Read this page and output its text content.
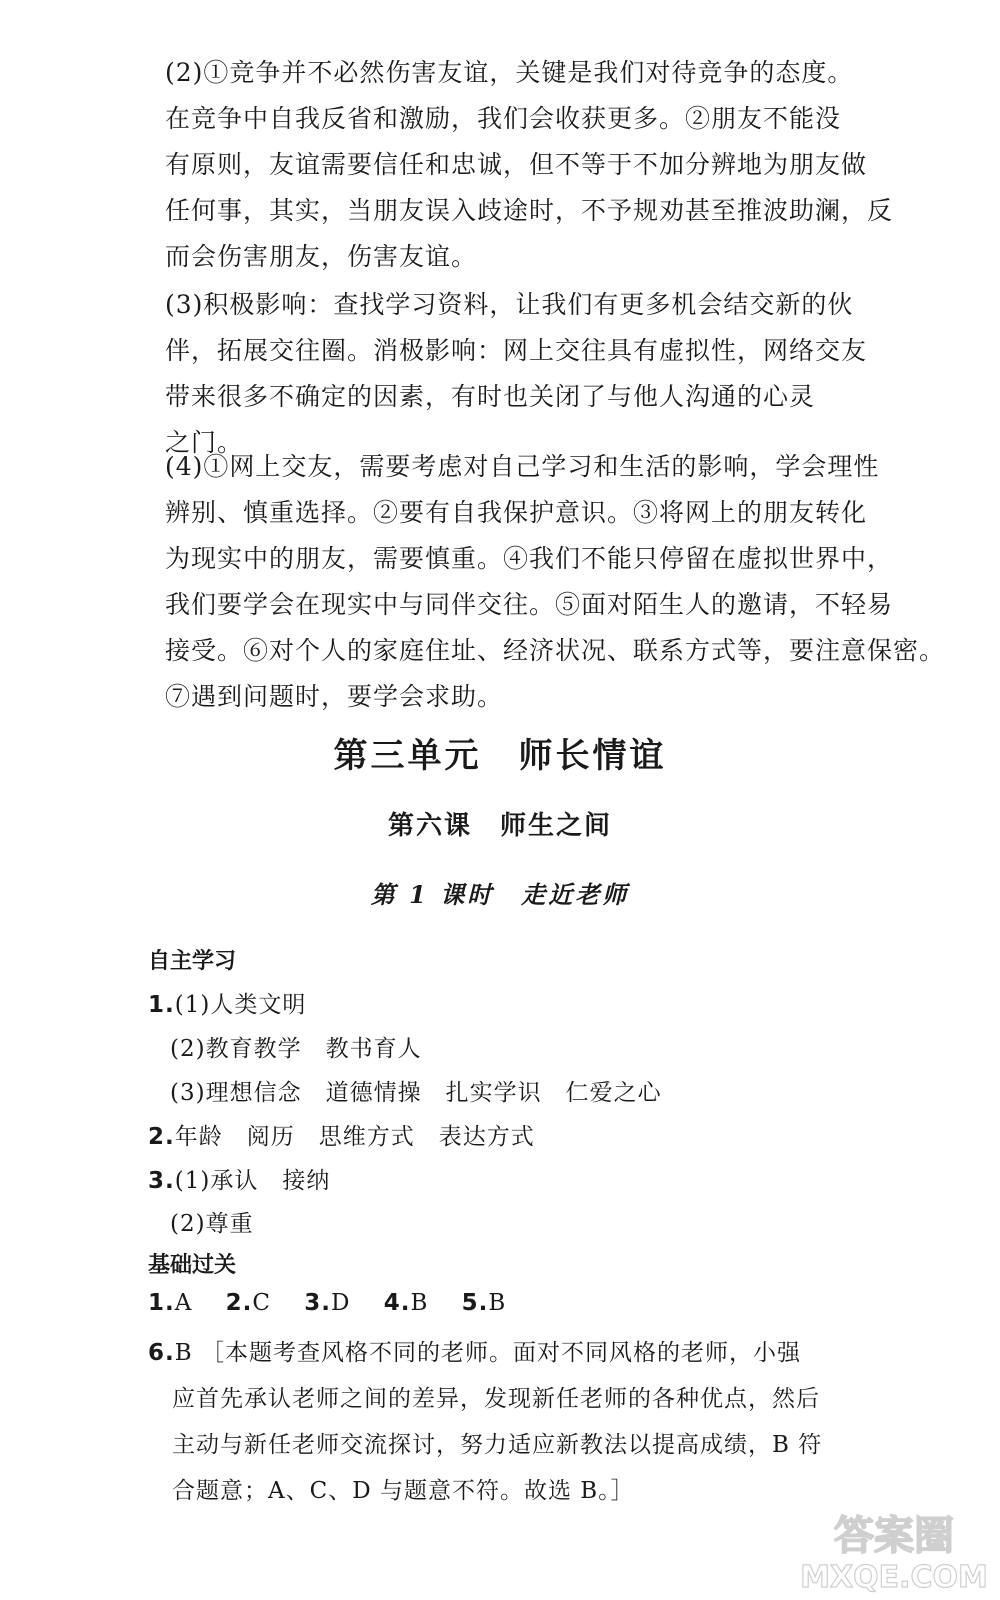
(2)①竞争并不必然伤害友谊，关键是我们对待竞争的态度。
在竞争中自我反省和激励，我们会收获更多。②朋友不能没
有原则，友谊需要信任和忠诚，但不等于不加分辨地为朋友做
任何事，其实，当朋友误入歧途时，不予规劝甚至推波助澜，反
而会伤害朋友，伤害友谊。
(3)积极影响：查找学习资料，让我们有更多机会结交新的伙
伴，拓展交往圈。消极影响：网上交往具有虚拟性，网络交友
带来很多不确定的因素，有时也关闭了与他人沟通的心灵
之门。
(4)①网上交友，需要考虑对自己学习和生活的影响，学会理性
辨别、慎重选择。②要有自我保护意识。③将网上的朋友转化
为现实中的朋友，需要慎重。④我们不能只停留在虚拟世界中，
我们要学会在现实中与同伴交往。⑤面对陌生人的邀请，不轻易
接受。⑥对个人的家庭住址、经济状况、联系方式等，要注意保密。
⑦遇到问题时，要学会求助。
第三单元　师长情谊
第六课　师生之间
第 1 课时　走近老师
自主学习
1.(1)人类文明
(2)教育教学　教书育人
(3)理想信念　道德情操　扎实学识　仁爱之心
2.年龄　阅历　思维方式　表达方式
3.(1)承认　接纳
(2)尊重
基础过关
1.A 2.C 3.D 4.B 5.B
6.B ［本题考查风格不同的老师。面对不同风格的老师，小强
应首先承认老师之间的差异，发现新任老师的各种优点，然后
主动与新任老师交流探讨，努力适应新教法以提高成绩，B 符
合题意；A、C、D 与题意不符。故选 B。］
答案圈
MXQE.COM
